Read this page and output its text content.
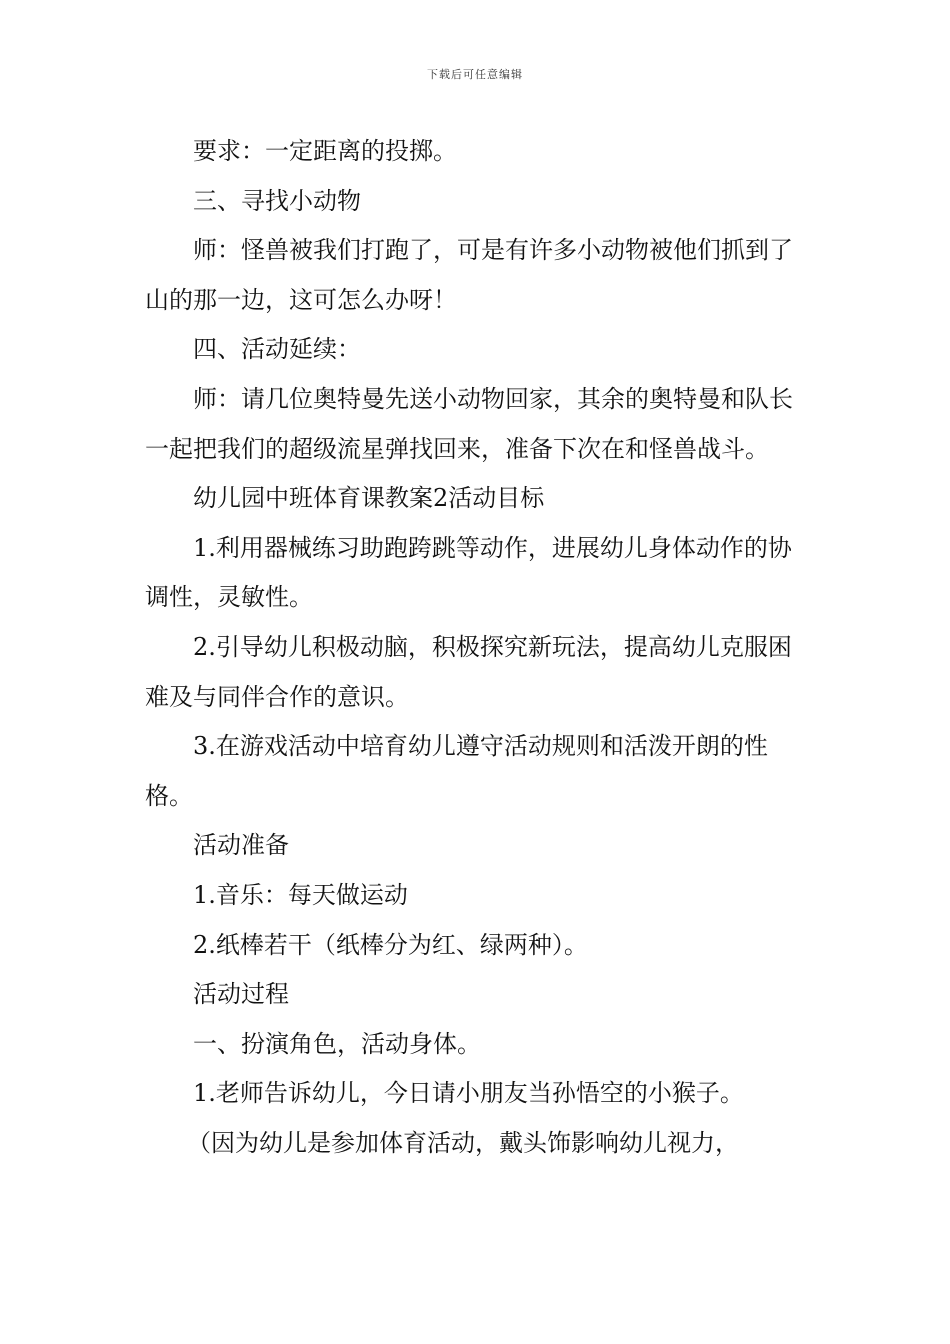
下载后可任意编辑

要求：一定距离的投掷。

三、寻找小动物

师：怪兽被我们打跑了，可是有许多小动物被他们抓到了山的那一边，这可怎么办呀！

四、活动延续：

师：请几位奥特曼先送小动物回家，其余的奥特曼和队长一起把我们的超级流星弹找回来，准备下次在和怪兽战斗。

幼儿园中班体育课教案2活动目标

1.利用器械练习助跑跨跳等动作，进展幼儿身体动作的协调性，灵敏性。

2.引导幼儿积极动脑，积极探究新玩法，提高幼儿克服困难及与同伴合作的意识。

3.在游戏活动中培育幼儿遵守活动规则和活泼开朗的性格。

活动准备

1.音乐：每天做运动

2.纸棒若干（纸棒分为红、绿两种）。

活动过程

一、扮演角色，活动身体。

1.老师告诉幼儿，今日请小朋友当孙悟空的小猴子。

（因为幼儿是参加体育活动，戴头饰影响幼儿视力，
